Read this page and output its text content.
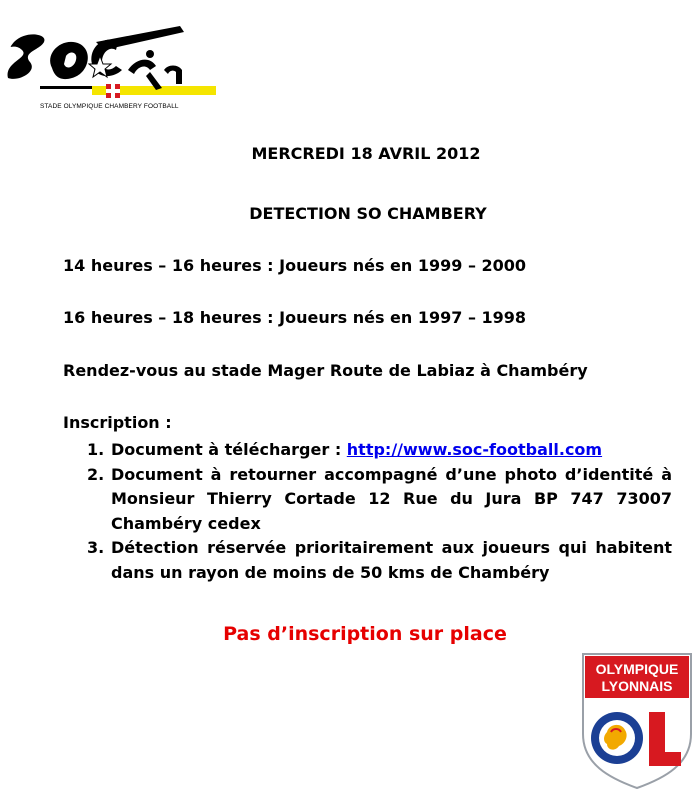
STADE OLYMPIQUE CHAMBERY FOOTBALL
MERCREDI 18 AVRIL 2012
DETECTION SO CHAMBERY
14 heures – 16 heures : Joueurs nés en 1999 – 2000
16 heures – 18 heures : Joueurs nés en 1997 – 1998
Rendez-vous au stade Mager Route de Labiaz à Chambéry
Inscription :
1. Document à télécharger : http://www.soc-football.com
2. Document à retourner accompagné d’une photo d’identité à Monsieur Thierry Cortade 12 Rue du Jura BP 747 73007 Chambéry cedex
3. Détection réservée prioritairement aux joueurs qui habitent dans un rayon de moins de 50 kms de Chambéry
Pas d’inscription sur place
OLYMPIQUE
LYONNAIS
